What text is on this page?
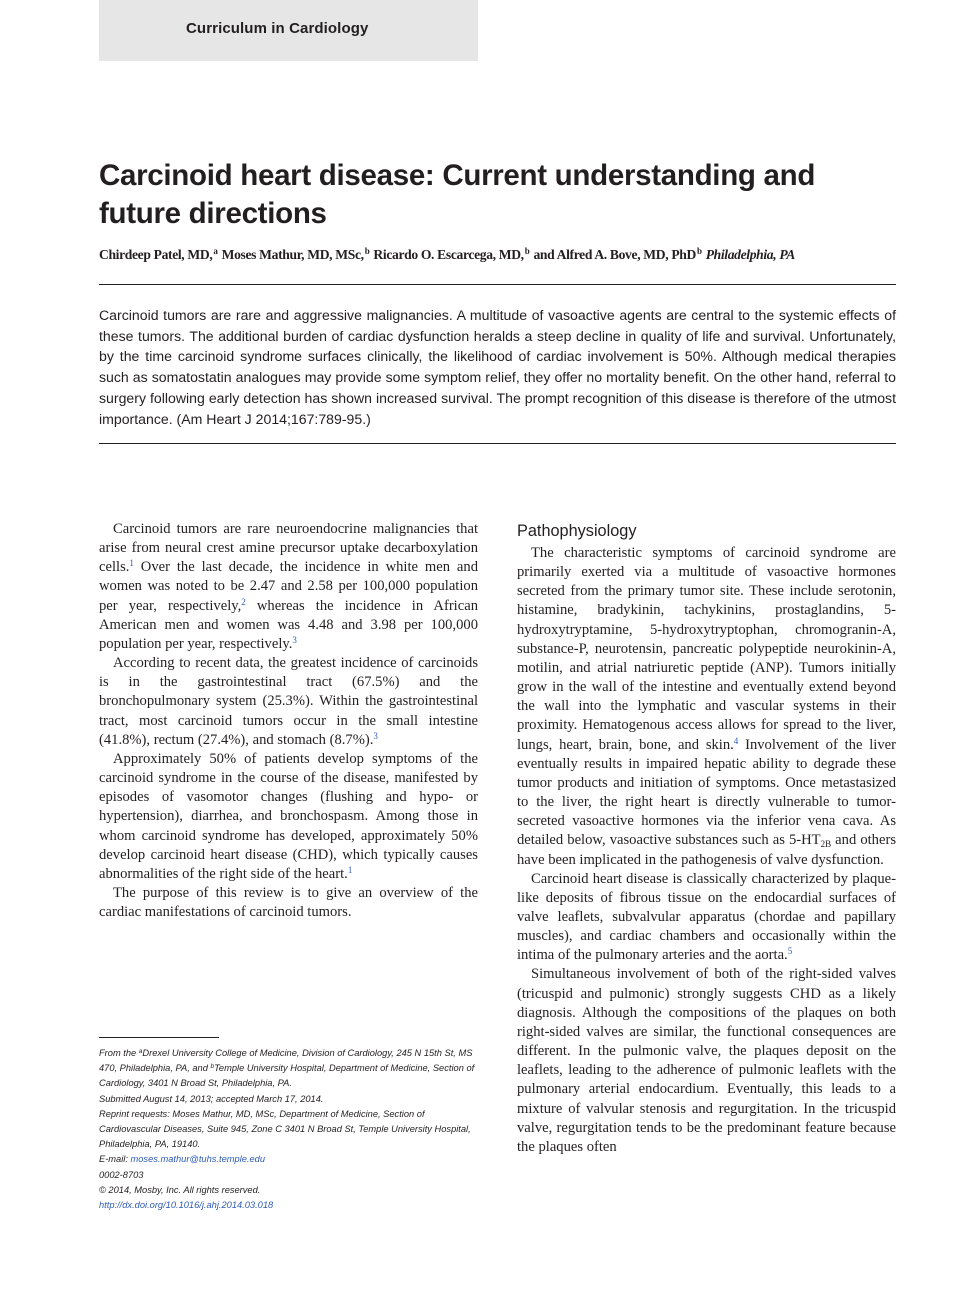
Curriculum in Cardiology
Carcinoid heart disease: Current understanding and future directions
Chirdeep Patel, MD,$^a$ Moses Mathur, MD, MSc,$^b$ Ricardo O. Escarcega, MD,$^b$ and Alfred A. Bove, MD, PhD$^b$ Philadelphia, PA
Carcinoid tumors are rare and aggressive malignancies. A multitude of vasoactive agents are central to the systemic effects of these tumors. The additional burden of cardiac dysfunction heralds a steep decline in quality of life and survival. Unfortunately, by the time carcinoid syndrome surfaces clinically, the likelihood of cardiac involvement is 50%. Although medical therapies such as somatostatin analogues may provide some symptom relief, they offer no mortality benefit. On the other hand, referral to surgery following early detection has shown increased survival. The prompt recognition of this disease is therefore of the utmost importance. (Am Heart J 2014;167:789-95.)

Carcinoid tumors are rare neuroendocrine malignancies that arise from neural crest amine precursor uptake decarboxylation cells.$^1$ Over the last decade, the incidence in white men and women was noted to be 2.47 and 2.58 per 100,000 population per year, respectively,$^2$ whereas the incidence in African American men and women was 4.48 and 3.98 per 100,000 population per year, respectively.$^3$

According to recent data, the greatest incidence of carcinoids is in the gastrointestinal tract (67.5%) and the bronchopulmonary system (25.3%). Within the gastrointestinal tract, most carcinoid tumors occur in the small intestine (41.8%), rectum (27.4%), and stomach (8.7%).$^3$

Approximately 50% of patients develop symptoms of the carcinoid syndrome in the course of the disease, manifested by episodes of vasomotor changes (flushing and hypo- or hypertension), diarrhea, and bronchospasm. Among those in whom carcinoid syndrome has developed, approximately 50% develop carcinoid heart disease (CHD), which typically causes abnormalities of the right side of the heart.$^1$

The purpose of this review is to give an overview of the cardiac manifestations of carcinoid tumors.

Pathophysiology

The characteristic symptoms of carcinoid syndrome are primarily exerted via a multitude of vasoactive hormones secreted from the primary tumor site. These include serotonin, histamine, bradykinin, tachykinins, prostaglandins, 5-hydroxytryptamine, 5-hydroxytryptophan, chromogranin-A, substance-P, neurotensin, pancreatic polypeptide neurokinin-A, motilin, and atrial natriuretic peptide (ANP). Tumors initially grow in the wall of the intestine and eventually extend beyond the wall into the lymphatic and vascular systems in their proximity. Hematogenous access allows for spread to the liver, lungs, heart, brain, bone, and skin.$^4$ Involvement of the liver eventually results in impaired hepatic ability to degrade these tumor products and initiation of symptoms. Once metastasized to the liver, the right heart is directly vulnerable to tumor-secreted vasoactive hormones via the inferior vena cava. As detailed below, vasoactive substances such as $5-HT_{2B}$ and others have been implicated in the pathogenesis of valve dysfunction.

Carcinoid heart disease is classically characterized by plaque-like deposits of fibrous tissue on the endocardial surfaces of valve leaflets, subvalvular apparatus (chordae and papillary muscles), and cardiac chambers and occasionally within the intima of the pulmonary arteries and the aorta.$^5$

Simultaneous involvement of both of the right-sided valves (tricuspid and pulmonic) strongly suggests CHD as a likely diagnosis. Although the compositions of the plaques on both right-sided valves are similar, the functional consequences are different. In the pulmonic valve, the plaques deposit on the leaflets, leading to the adherence of pulmonic leaflets with the pulmonary arterial endocardium. Eventually, this leads to a mixture of valvular stenosis and regurgitation. In the tricuspid valve, regurgitation tends to be the predominant feature because the plaques often

From the $^a$Drexel University College of Medicine, Division of Cardiology, 245 N 15th St, MS 470, Philadelphia, PA, and $^b$Temple University Hospital, Department of Medicine, Section of Cardiology, 3401 N Broad St, Philadelphia, PA.
Submitted August 14, 2013; accepted March 17, 2014.
Reprint requests: Moses Mathur, MD, MSc, Department of Medicine, Section of Cardiovascular Diseases, Suite 945, Zone C 3401 N Broad St, Temple University Hospital, Philadelphia, PA, 19140.
E-mail: moses.mathur@tuhs.temple.edu
0002-8703
© 2014, Mosby, Inc. All rights reserved.
http://dx.doi.org/10.1016/j.ahj.2014.03.018
